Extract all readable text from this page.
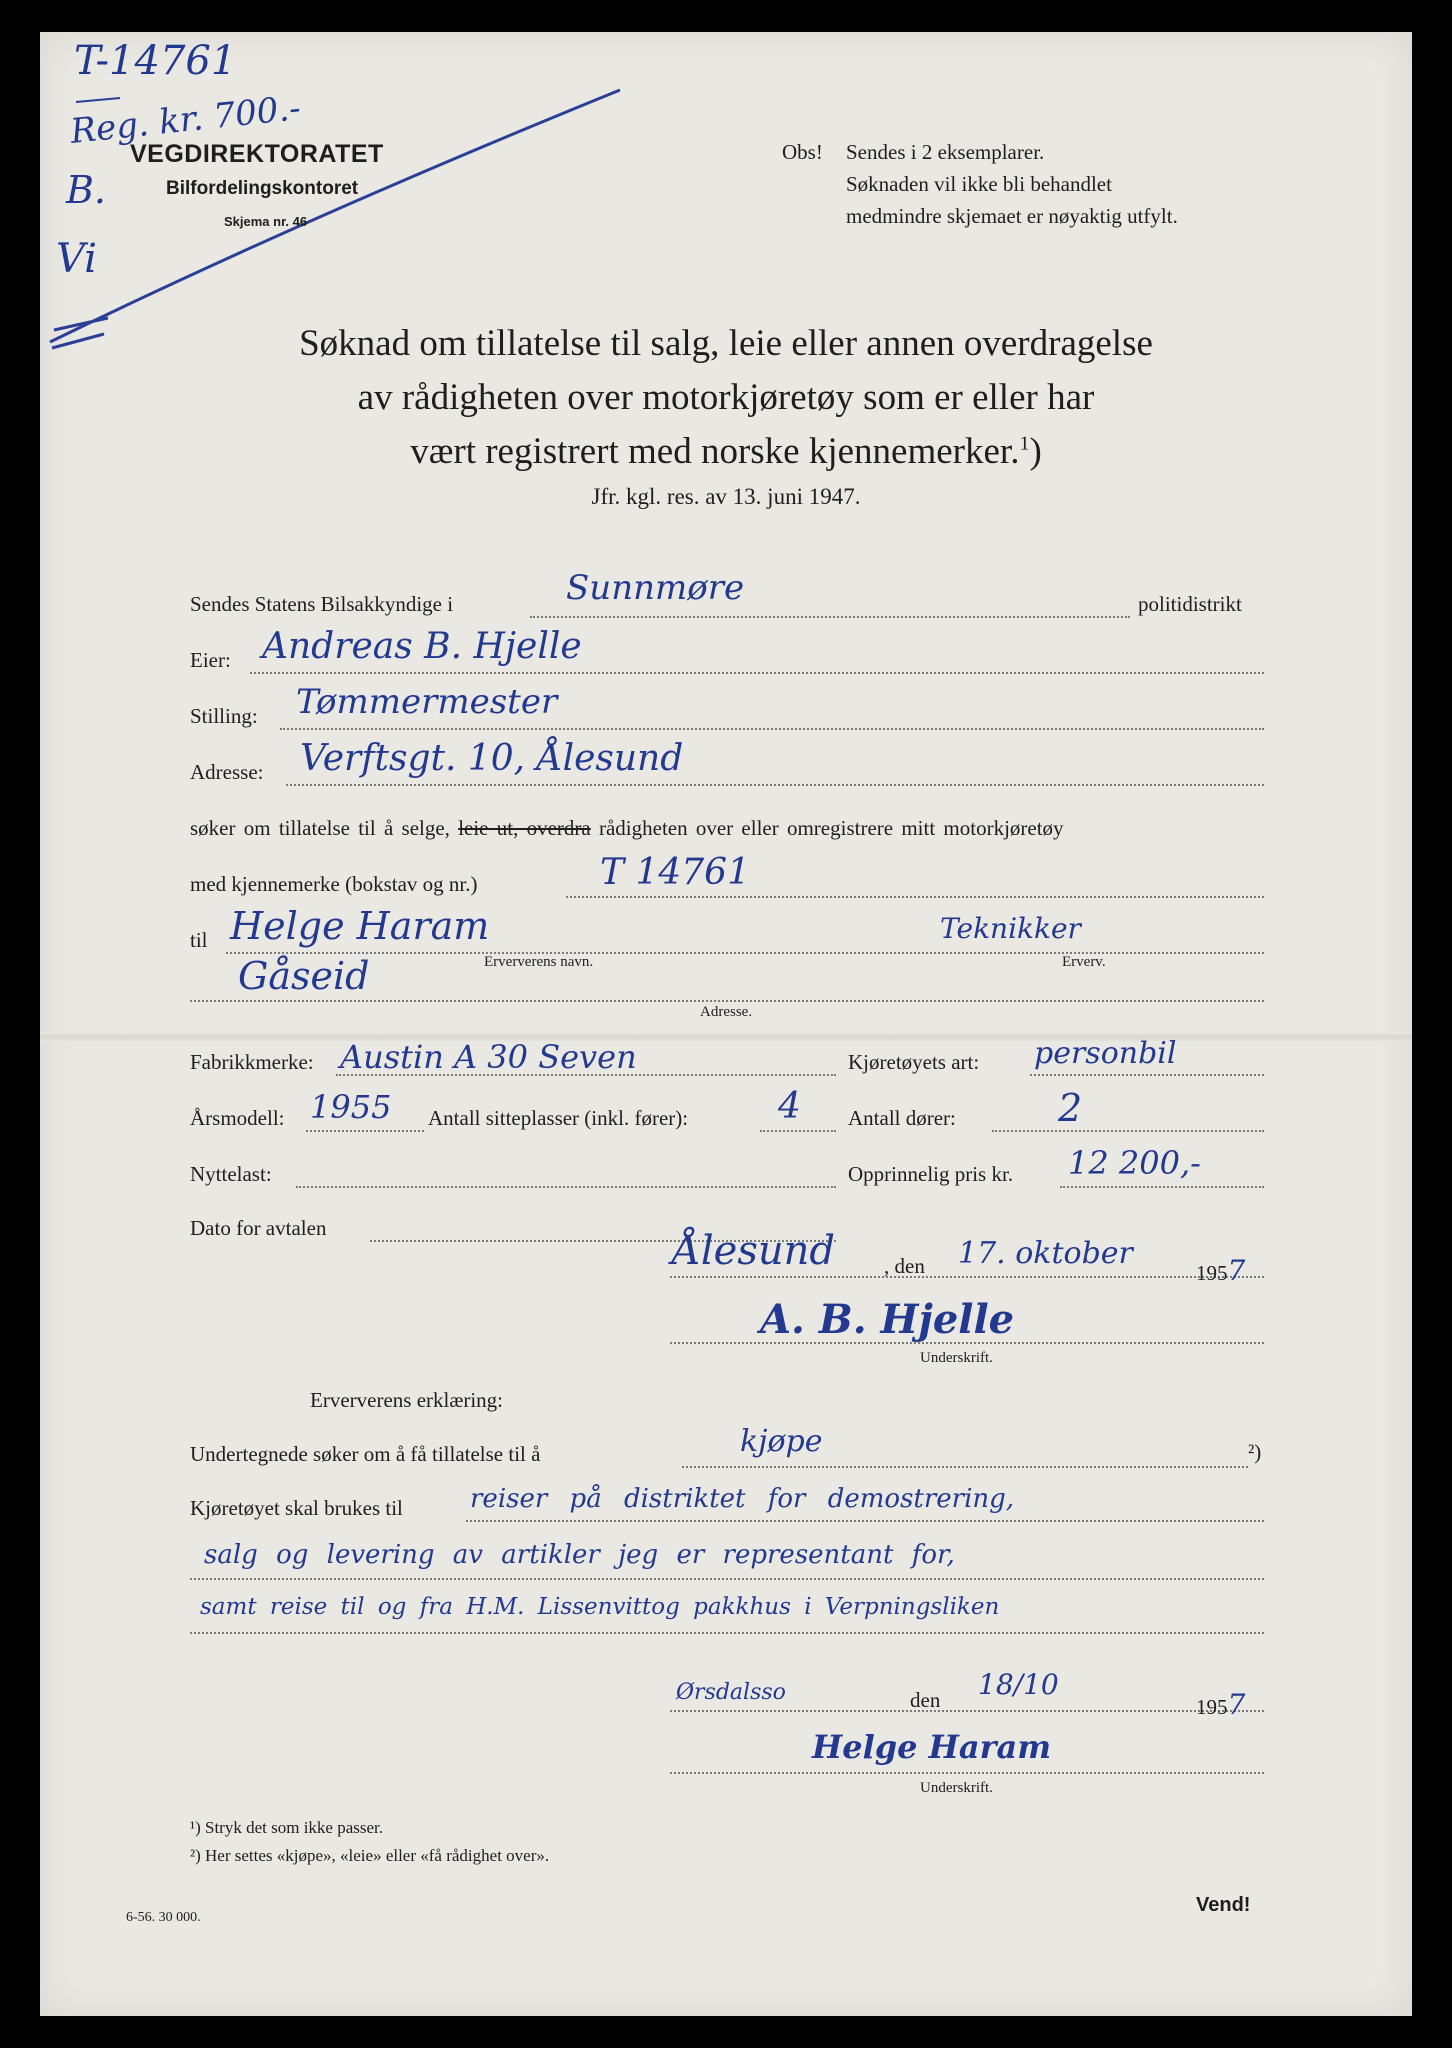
T-14761
Reg. kr. 700.-
B.
Vi
VEGDIREKTORATET
Bilfordelingskontoret
Skjema nr. 46
Obs! Sendes i 2 eksemplarer.
Søknaden vil ikke bli behandlet
medmindre skjemaet er nøyaktig utfylt.
Søknad om tillatelse til salg, leie eller annen overdragelse
av rådigheten over motorkjøretøy som er eller har
vært registrert med norske kjennemerker.$^1$)
Jfr. kgl. res. av 13. juni 1947.
Sendes Statens Bilsakkyndige i	Sunnmøre	politidistrikt
Eier: Andreas B. Hjelle
Stilling: Tømmermester
Adresse: Verftsgt. 10, Ålesund
søker om tillatelse til å selge, leie ut, overdra rådigheten over eller omregistrere mitt motorkjøretøy
med kjennemerke (bokstav og nr.)	T 14761
til Helge Haram	Teknikker
Erververens navn.	Erverv.
Gåseid
Adresse.
Fabrikkmerke: Austin A 30 Seven	Kjøretøyets art: personbil
Årsmodell: 1955 Antall sitteplasser (inkl. fører): 4 Antall dører:	2
Nyttelast:	Opprinnelig pris kr. 12 200,-
Dato for avtalen	Ålesund , den 17. oktober
1957
A. B. Hjelle
Underskrift.
Erververens erklæring:
Undertegnede søker om å få tillatelse til å	kjøpe	²)
Kjøretøyet skal brukes til	reiser på distriktet for demostrering,
salg og levering av artikler jeg er representant for,
samt reise til og fra H.M. Lissenvittog pakkhus i Verpningsliken
Ørsdalsso	den 18/10
1957
Helge Haram
Underskrift.
¹) Stryk det som ikke passer.
²) Her settes «kjøpe», «leie» eller «få rådighet over».
6-56. 30 000.
Vend!
